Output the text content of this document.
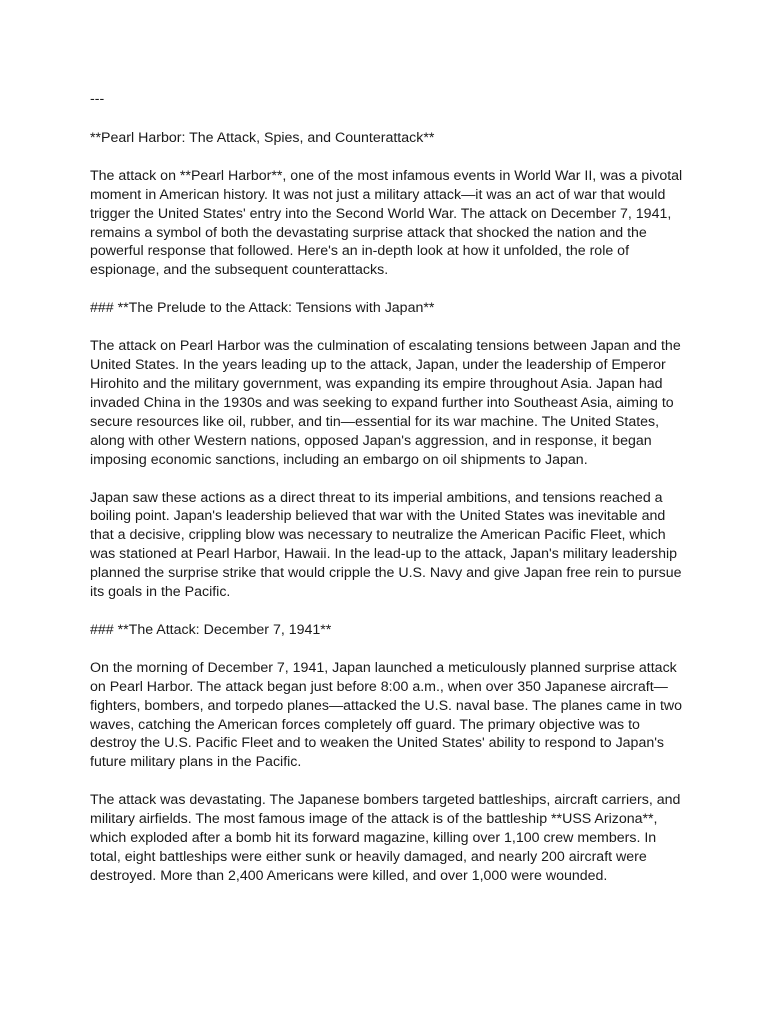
---

**Pearl Harbor: The Attack, Spies, and Counterattack**

The attack on **Pearl Harbor**, one of the most infamous events in World War II, was a pivotal moment in American history. It was not just a military attack—it was an act of war that would trigger the United States' entry into the Second World War. The attack on December 7, 1941, remains a symbol of both the devastating surprise attack that shocked the nation and the powerful response that followed. Here's an in-depth look at how it unfolded, the role of espionage, and the subsequent counterattacks.

### **The Prelude to the Attack: Tensions with Japan**

The attack on Pearl Harbor was the culmination of escalating tensions between Japan and the United States. In the years leading up to the attack, Japan, under the leadership of Emperor Hirohito and the military government, was expanding its empire throughout Asia. Japan had invaded China in the 1930s and was seeking to expand further into Southeast Asia, aiming to secure resources like oil, rubber, and tin—essential for its war machine. The United States, along with other Western nations, opposed Japan's aggression, and in response, it began imposing economic sanctions, including an embargo on oil shipments to Japan.

Japan saw these actions as a direct threat to its imperial ambitions, and tensions reached a boiling point. Japan's leadership believed that war with the United States was inevitable and that a decisive, crippling blow was necessary to neutralize the American Pacific Fleet, which was stationed at Pearl Harbor, Hawaii. In the lead-up to the attack, Japan's military leadership planned the surprise strike that would cripple the U.S. Navy and give Japan free rein to pursue its goals in the Pacific.

### **The Attack: December 7, 1941**

On the morning of December 7, 1941, Japan launched a meticulously planned surprise attack on Pearl Harbor. The attack began just before 8:00 a.m., when over 350 Japanese aircraft—fighters, bombers, and torpedo planes—attacked the U.S. naval base. The planes came in two waves, catching the American forces completely off guard. The primary objective was to destroy the U.S. Pacific Fleet and to weaken the United States' ability to respond to Japan's future military plans in the Pacific.

The attack was devastating. The Japanese bombers targeted battleships, aircraft carriers, and military airfields. The most famous image of the attack is of the battleship **USS Arizona**, which exploded after a bomb hit its forward magazine, killing over 1,100 crew members. In total, eight battleships were either sunk or heavily damaged, and nearly 200 aircraft were destroyed. More than 2,400 Americans were killed, and over 1,000 were wounded.
